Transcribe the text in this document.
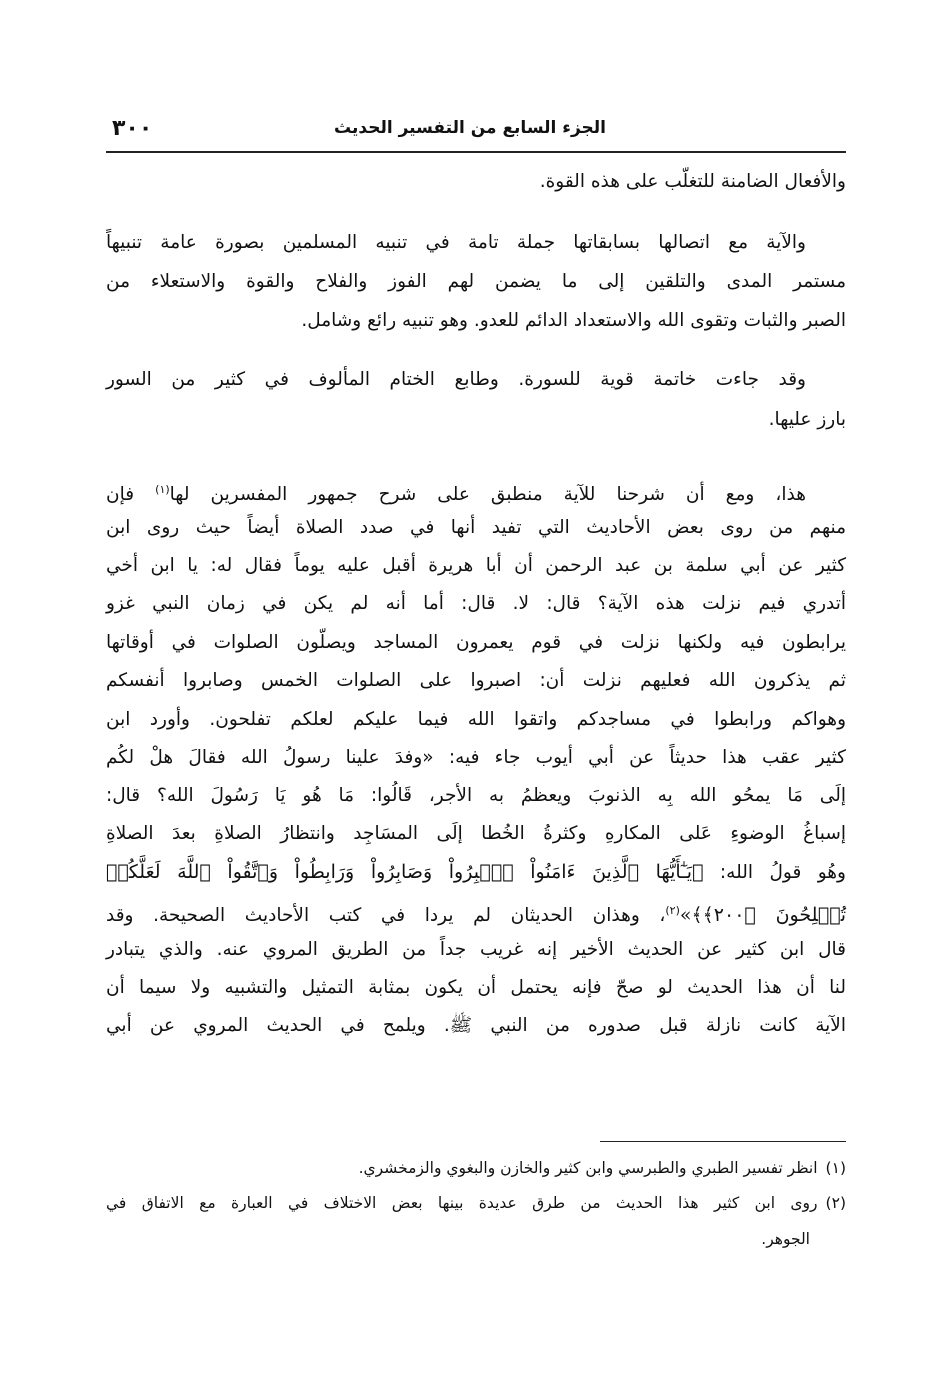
٣٠٠	الجزء السابع من التفسير الحديث
والأفعال الضامنة للتغلّب على هذه القوة.
والآية مع اتصالها بسابقاتها جملة تامة في تنبيه المسلمين بصورة عامة تنبيهاً
مستمر المدى والتلقين إلى ما يضمن لهم الفوز والفلاح والقوة والاستعلاء من
الصبر والثبات وتقوى الله والاستعداد الدائم للعدو. وهو تنبيه رائع وشامل.
وقد جاءت خاتمة قوية للسورة. وطابع الختام المألوف في كثير من السور
بارز عليها.
هذا، ومع أن شرحنا للآية منطبق على شرح جمهور المفسرين لها$^{(١)}$ فإن
منهم من روى بعض الأحاديث التي تفيد أنها في صدد الصلاة أيضاً حيث روى ابن
كثير عن أبي سلمة بن عبد الرحمن أن أبا هريرة أقبل عليه يوماً فقال له: يا ابن أخي
أتدري فيم نزلت هذه الآية؟ قال: لا. قال: أما أنه لم يكن في زمان النبي غزو
يرابطون فيه ولكنها نزلت في قوم يعمرون المساجد ويصلّون الصلوات في أوقاتها
ثم يذكرون الله فعليهم نزلت أن: اصبروا على الصلوات الخمس وصابروا أنفسكم
وهواكم ورابطوا في مساجدكم واتقوا الله فيما عليكم لعلكم تفلحون. وأورد ابن
كثير عقب هذا حديثاً عن أبي أيوب جاء فيه: «وفدَ علينا رسولُ الله فقالَ هلْ لكُم
إلَى مَا يمحُو الله بِه الذنوبَ ويعظمُ به الأجر، قَالُوا: مَا هُو يَا رَسُولَ الله؟ قال:
إسباغُ الوضوءِ عَلى المكارهِ وكثرةُ الخُطا إلَى المسَاجِد وانتظارُ الصلاةِ بعدَ الصلاةِ
وهُو قولُ الله: ﴿يَـٰٓأَيُّهَا ٱلَّذِينَ ءَامَنُواْ ٱصۡبِرُواْ وَصَابِرُواْ وَرَابِطُواْ وَٱتَّقُواْ ٱللَّهَ لَعَلَّكُمۡ
تُفۡلِحُونَ ﴿٢٠٠﴾﴾»$^{(٢)}$، وهذان الحديثان لم يردا في كتب الأحاديث الصحيحة. وقد
قال ابن كثير عن الحديث الأخير إنه غريب جداً من الطريق المروي عنه. والذي يتبادر
لنا أن هذا الحديث لو صحّ فإنه يحتمل أن يكون بمثابة التمثيل والتشبيه ولا سيما أن
الآية كانت نازلة قبل صدوره من النبي ﷺ. ويلمح في الحديث المروي عن أبي
(١)انظر تفسير الطبري والطبرسي وابن كثير والخازن والبغوي والزمخشري.
(٢)روى ابن كثير هذا الحديث من طرق عديدة بينها بعض الاختلاف في العبارة مع الاتفاق في
الجوهر.
